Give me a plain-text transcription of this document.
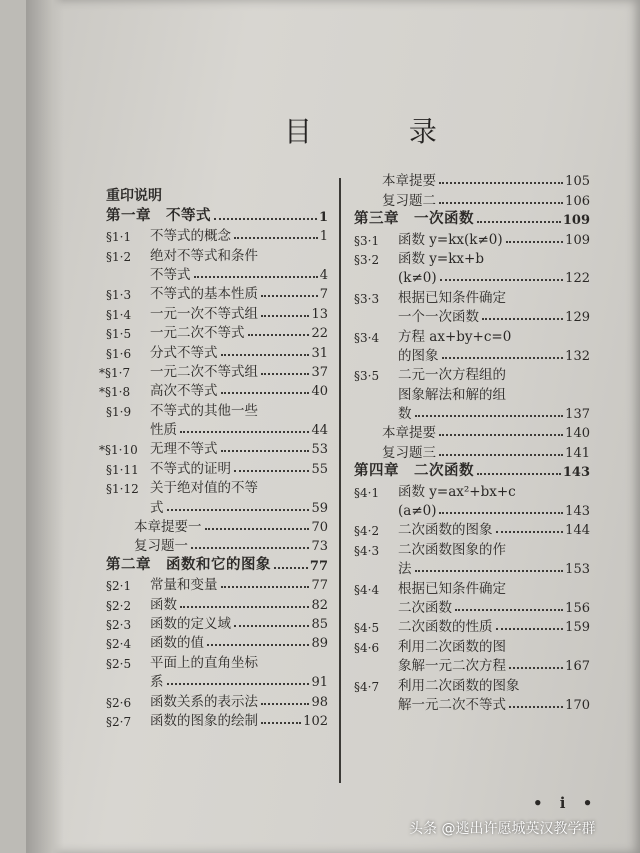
目 录
重印说明
第一章　不等式	1
§1·1	不等式的概念	1
§1·2	绝对不等式和条件
不等式	4
§1·3	不等式的基本性质	7
§1·4	一元一次不等式组	13
§1·5	一元二次不等式	22
§1·6	分式不等式	31
*§1·7	一元二次不等式组	37
*§1·8	高次不等式	40
§1·9	不等式的其他一些
性质	44
*§1·10 无理不等式	53
§1·11 不等式的证明	55
§1·12 关于绝对值的不等
式	59
本章提要一	70
复习题一	73
第二章　函数和它的图象	77
§2·1	常量和变量	77
§2·2	函数	82
§2·3	函数的定义域	85
§2·4	函数的值	89
§2·5	平面上的直角坐标
系	91
§2·6	函数关系的表示法	98
§2·7	函数的图象的绘制	102
本章提要	105
复习题二	106
第三章　一次函数	109
§3·1	函数 y=kx(k≠0)	109
§3·2	函数 y=kx+b
(k≠0)	122
§3·3	根据已知条件确定
一个一次函数	129
§3·4	方程 ax+by+c=0
的图象	132
§3·5	二元一次方程组的
图象解法和解的组
数	137
本章提要	140
复习题三	141
第四章　二次函数	143
§4·1	函数 y=ax²+bx+c
(a≠0)	143
§4·2	二次函数的图象	144
§4·3	二次函数图象的作
法	153
§4·4	根据已知条件确定
二次函数	156
§4·5	二次函数的性质	159
§4·6	利用二次函数的图
象解一元二次方程	167
§4·7	利用二次函数的图象
解一元二次不等式	170
• i •
头条 @逃出许愿城英汉教学群
